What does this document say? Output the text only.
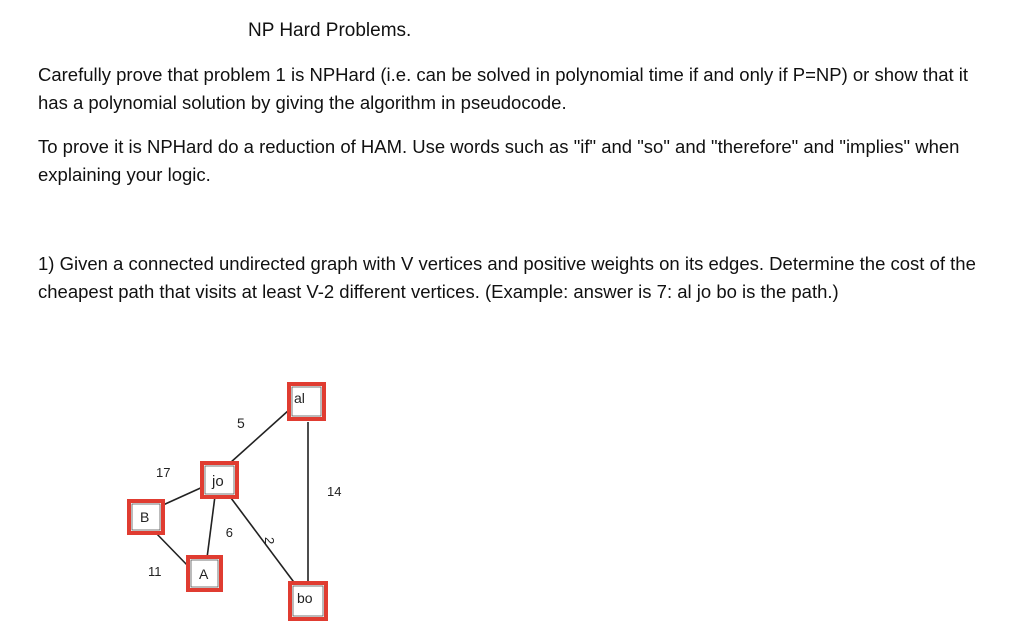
NP Hard Problems.

Carefully prove that problem 1 is NPHard (i.e. can be solved in polynomial time if and only if P=NP) or show that it has a polynomial solution by giving the algorithm in pseudocode.

To prove it is NPHard do a reduction of HAM. Use words such as "if" and "so" and "therefore" and "implies" when explaining your logic.

1) Given a connected undirected graph with V vertices and positive weights on its edges. Determine the cost of the cheapest path that visits at least V-2 different vertices. (Example: answer is 7: al jo bo is the path.)

al
jo
B
A
bo
5
17
14
9
2
11
